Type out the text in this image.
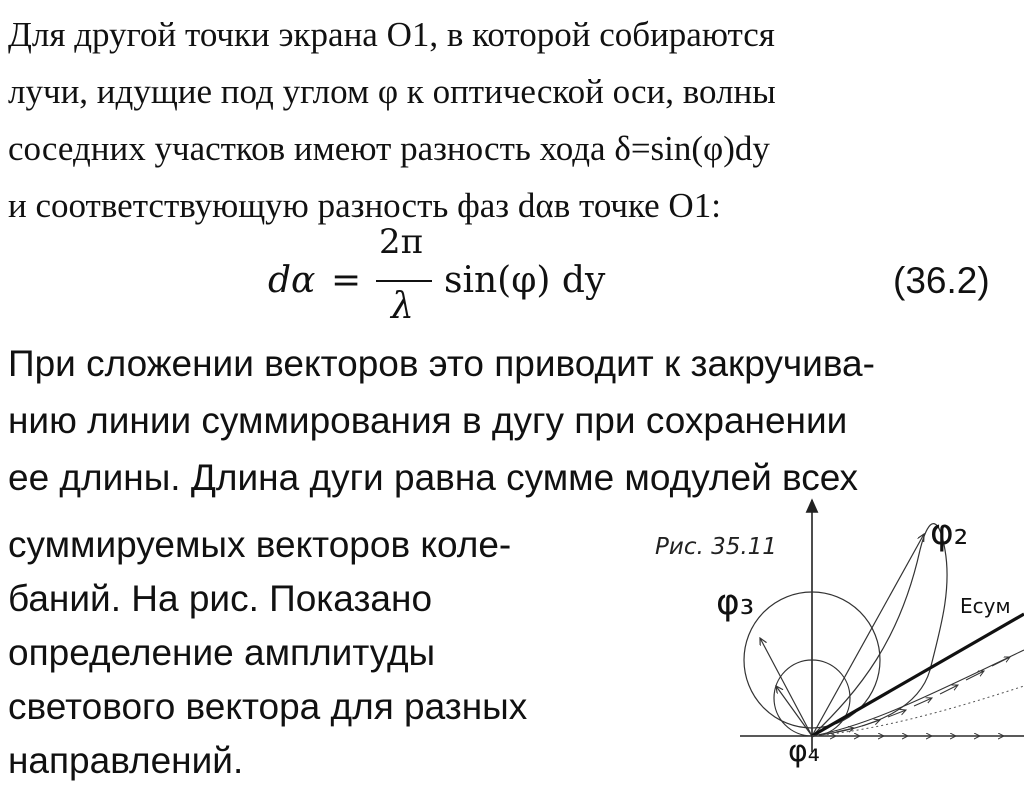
Для другой точки экрана O1, в которой собираются
лучи, идущие под углом φ к оптической оси, волны
соседних участков имеют разность хода δ=sin(φ)dy
и соответствующую разность фаз dαв точке O1:
dα =
2π
λ
sin(φ) dy	(36.2)
При сложении векторов это приводит к закручива-
нию линии суммирования в дугу при сохранении
ее длины. Длина дуги равна сумме модулей всех
суммируемых векторов коле-
баний. На рис. Показано
определение амплитуды
светового вектора для разных
направлений.
Рис. 35.11	φ₂
φ₃
φ₄
Eсум
